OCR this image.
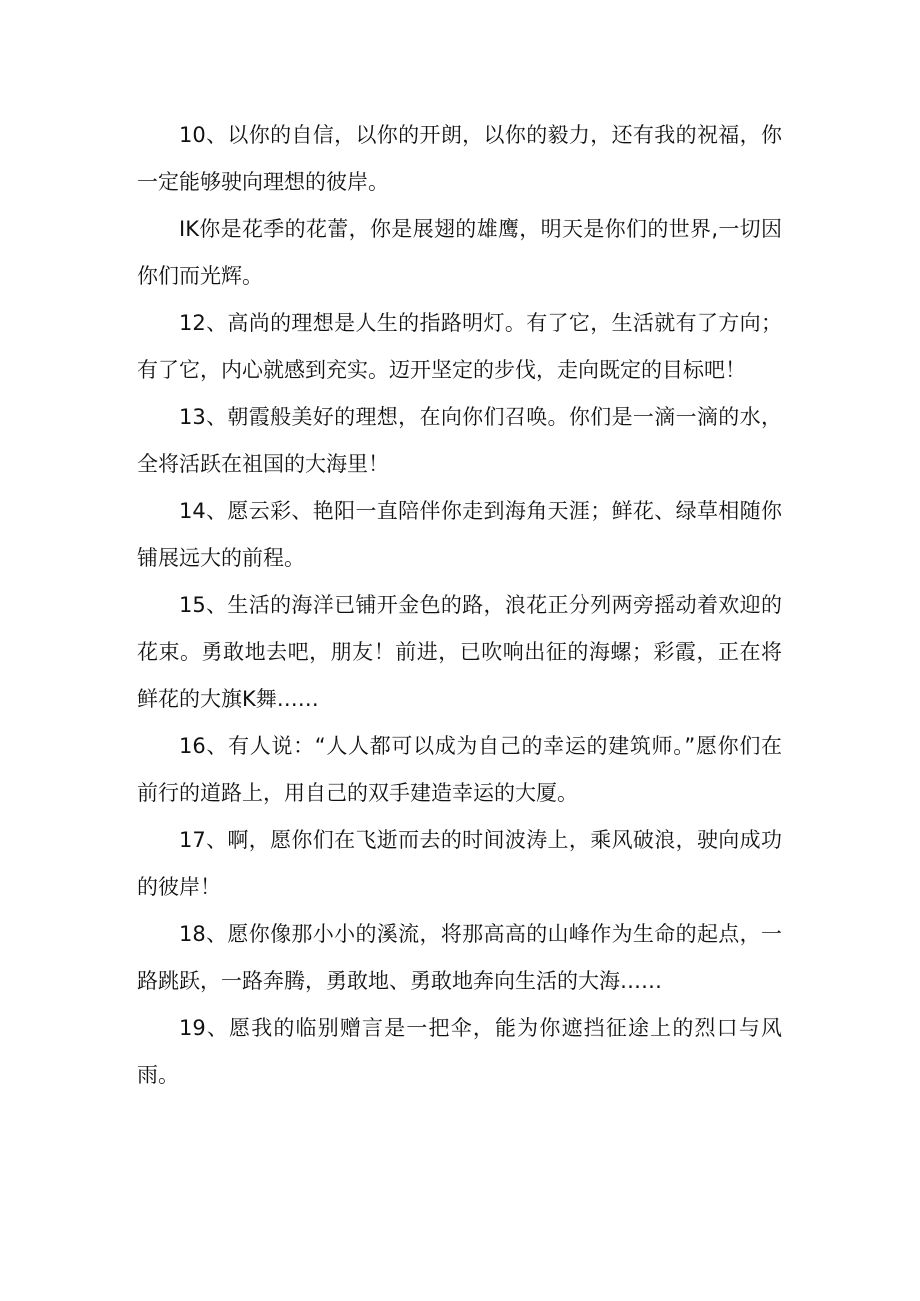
10、以你的自信，以你的开朗，以你的毅力，还有我的祝福，你一定能够驶向理想的彼岸。

IK你是花季的花蕾，你是展翅的雄鹰，明天是你们的世界,一切因你们而光辉。

12、高尚的理想是人生的指路明灯。有了它，生活就有了方向；有了它，内心就感到充实。迈开坚定的步伐，走向既定的目标吧！

13、朝霞般美好的理想，在向你们召唤。你们是一滴一滴的水，全将活跃在祖国的大海里！

14、愿云彩、艳阳一直陪伴你走到海角天涯；鲜花、绿草相随你铺展远大的前程。

15、生活的海洋已铺开金色的路，浪花正分列两旁摇动着欢迎的花束。勇敢地去吧，朋友！前进，已吹响出征的海螺；彩霞，正在将鲜花的大旗K舞……

16、有人说：“人人都可以成为自己的幸运的建筑师。”愿你们在前行的道路上，用自己的双手建造幸运的大厦。

17、啊，愿你们在飞逝而去的时间波涛上，乘风破浪，驶向成功的彼岸！

18、愿你像那小小的溪流，将那高高的山峰作为生命的起点，一路跳跃，一路奔腾，勇敢地、勇敢地奔向生活的大海……

19、愿我的临别赠言是一把伞，能为你遮挡征途上的烈口与风雨。
